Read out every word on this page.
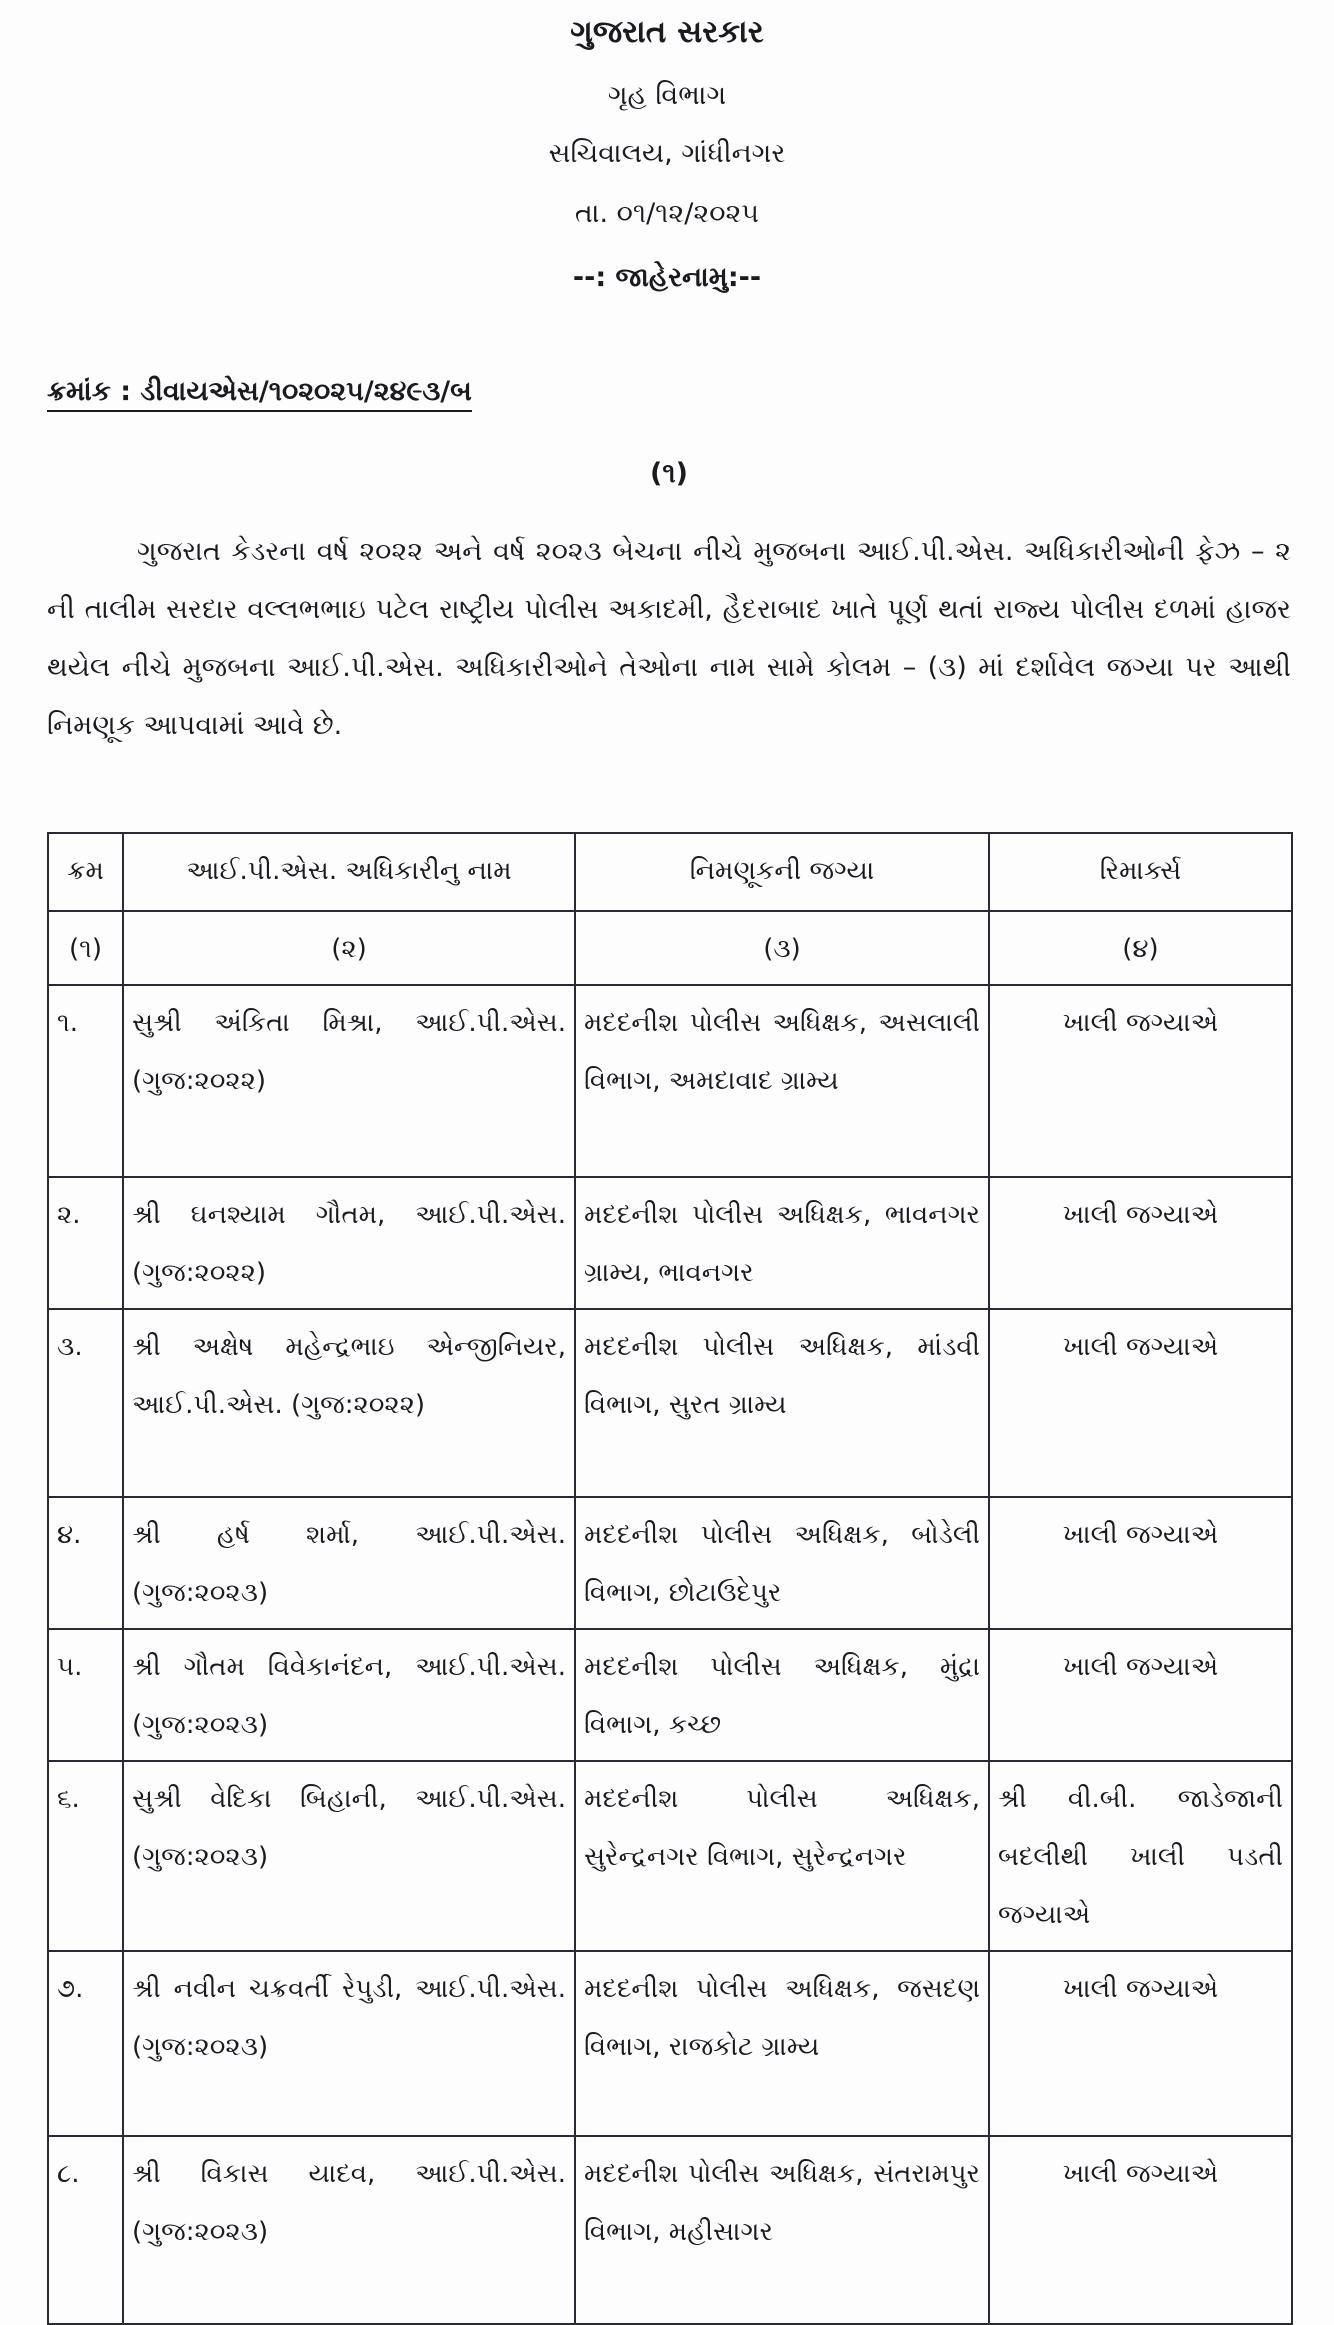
ગુજરાત સરકાર
ગૃહ વિભાગ
સચિવાલય, ગાંધીનગર
તા. ૦૧/૧૨/૨૦૨૫
--: જાહેરનામુ:--
ક્રમાંક : ડીવાયએસ/૧૦૨૦૨૫/૨૪૯૩/બ
(૧)
ગુજરાત કેડરના વર્ષ ૨૦૨૨ અને વર્ષ ૨૦૨૩ બેચના નીચે મુજબના આઈ.પી.એસ. અધિકારીઓની ફેઝ – ૨ ની તાલીમ સરદાર વલ્લભભાઇ પટેલ રાષ્ટ્રીય પોલીસ અકાદમી, હૈદરાબાદ ખાતે પૂર્ણ થતાં રાજ્ય પોલીસ દળમાં હાજર થયેલ નીચે મુજબના આઈ.પી.એસ. અધિકારીઓને તેઓના નામ સામે કોલમ – (૩) માં દર્શાવેલ જગ્યા પર આથી નિમણૂક આપવામાં આવે છે.
ક્રમ	આઈ.પી.એસ. અધિકારીનુ નામ	નિમણૂકની જગ્યા	રિમાર્ક્સ
(૧)	(૨)	(૩)	(૪)
૧.	સુશ્રી અંકિતા મિશ્રા, આઈ.પી.એસ. (ગુજ:૨૦૨૨)	મદદનીશ પોલીસ અધિક્ષક, અસલાલી વિભાગ, અમદાવાદ ગ્રામ્ય	ખાલી જગ્યાએ
૨.	શ્રી ઘનશ્યામ ગૌતમ, આઈ.પી.એસ. (ગુજ:૨૦૨૨)	મદદનીશ પોલીસ અધિક્ષક, ભાવનગર ગ્રામ્ય, ભાવનગર	ખાલી જગ્યાએ
૩.	શ્રી અક્ષેષ મહેન્દ્રભાઇ એન્જીનિયર, આઈ.પી.એસ. (ગુજ:૨૦૨૨)	મદદનીશ પોલીસ અધિક્ષક, માંડવી વિભાગ, સુરત ગ્રામ્ય	ખાલી જગ્યાએ
૪.	શ્રી હર્ષ શર્મા, આઈ.પી.એસ. (ગુજ:૨૦૨૩)	મદદનીશ પોલીસ અધિક્ષક, બોડેલી વિભાગ, છોટાઉદેપુર	ખાલી જગ્યાએ
૫.	શ્રી ગૌતમ વિવેકાનંદન, આઈ.પી.એસ. (ગુજ:૨૦૨૩)	મદદનીશ પોલીસ અધિક્ષક, મુંદ્રા વિભાગ, કચ્છ	ખાલી જગ્યાએ
૬.	સુશ્રી વેદિકા બિહાની, આઈ.પી.એસ. (ગુજ:૨૦૨૩)	મદદનીશ પોલીસ અધિક્ષક, સુરેન્દ્રનગર વિભાગ, સુરેન્દ્રનગર	શ્રી વી.બી. જાડેજાની બદલીથી ખાલી પડતી જગ્યાએ
૭.	શ્રી નવીન ચક્રવર્તી રેપુડી, આઈ.પી.એસ. (ગુજ:૨૦૨૩)	મદદનીશ પોલીસ અધિક્ષક, જસદણ વિભાગ, રાજકોટ ગ્રામ્ય	ખાલી જગ્યાએ
૮.	શ્રી વિકાસ યાદવ, આઈ.પી.એસ. (ગુજ:૨૦૨૩)	મદદનીશ પોલીસ અધિક્ષક, સંતરામપુર વિભાગ, મહીસાગર	ખાલી જગ્યાએ
